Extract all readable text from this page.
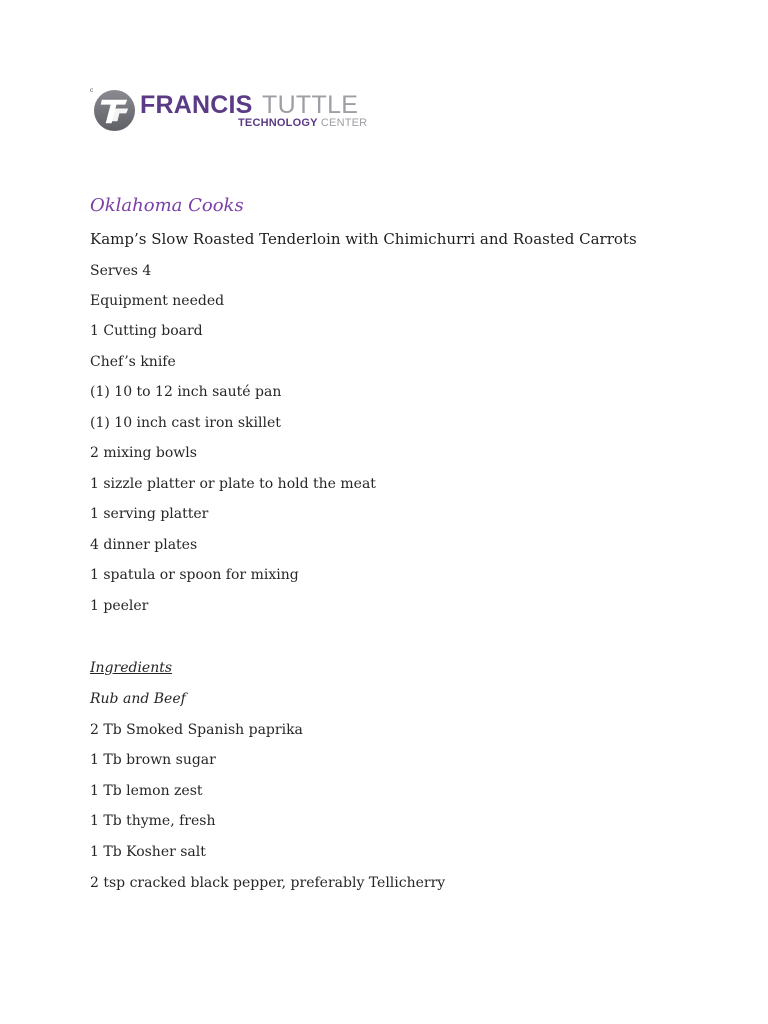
c
FRANCIS TUTTLE
TECHNOLOGY CENTER
Oklahoma Cooks
Kamp’s Slow Roasted Tenderloin with Chimichurri and Roasted Carrots
Serves 4
Equipment needed
1 Cutting board
Chef’s knife
(1) 10 to 12 inch sauté pan
(1) 10 inch cast iron skillet
2 mixing bowls
1 sizzle platter or plate to hold the meat
1 serving platter
4 dinner plates
1 spatula or spoon for mixing
1 peeler
Ingredients
Rub and Beef
2 Tb Smoked Spanish paprika
1 Tb brown sugar
1 Tb lemon zest
1 Tb thyme, fresh
1 Tb Kosher salt
2 tsp cracked black pepper, preferably Tellicherry
